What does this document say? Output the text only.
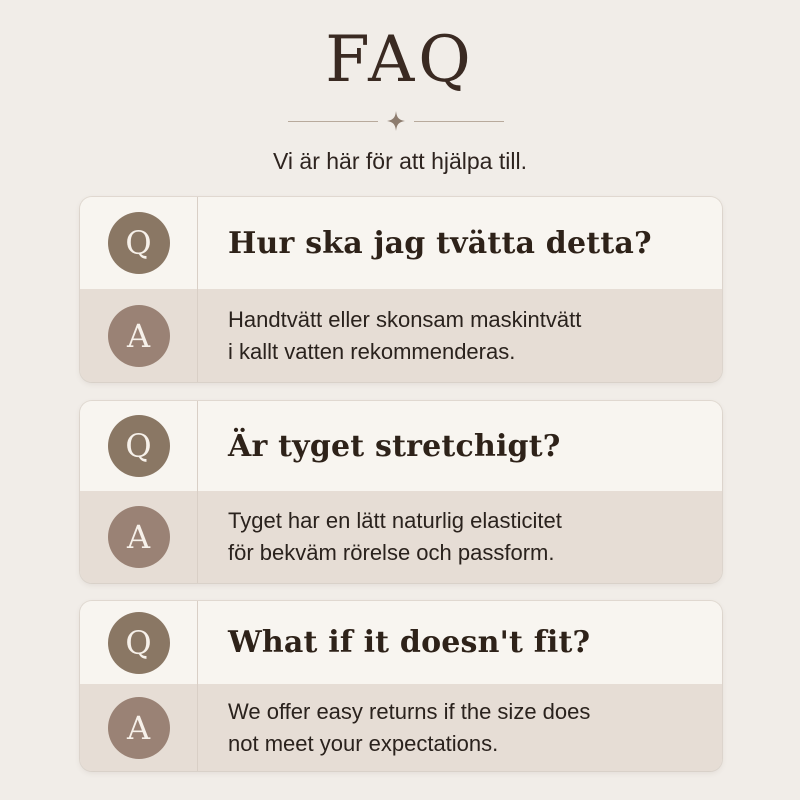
FAQ
Vi är här för att hjälpa till.
Q	Hur ska jag tvätta detta?
A	Handtvätt eller skonsam maskintvätt
i kallt vatten rekommenderas.
Q	Är tyget stretchigt?
A	Tyget har en lätt naturlig elasticitet
för bekväm rörelse och passform.
Q	What if it doesn't fit?
A	We offer easy returns if the size does
not meet your expectations.
